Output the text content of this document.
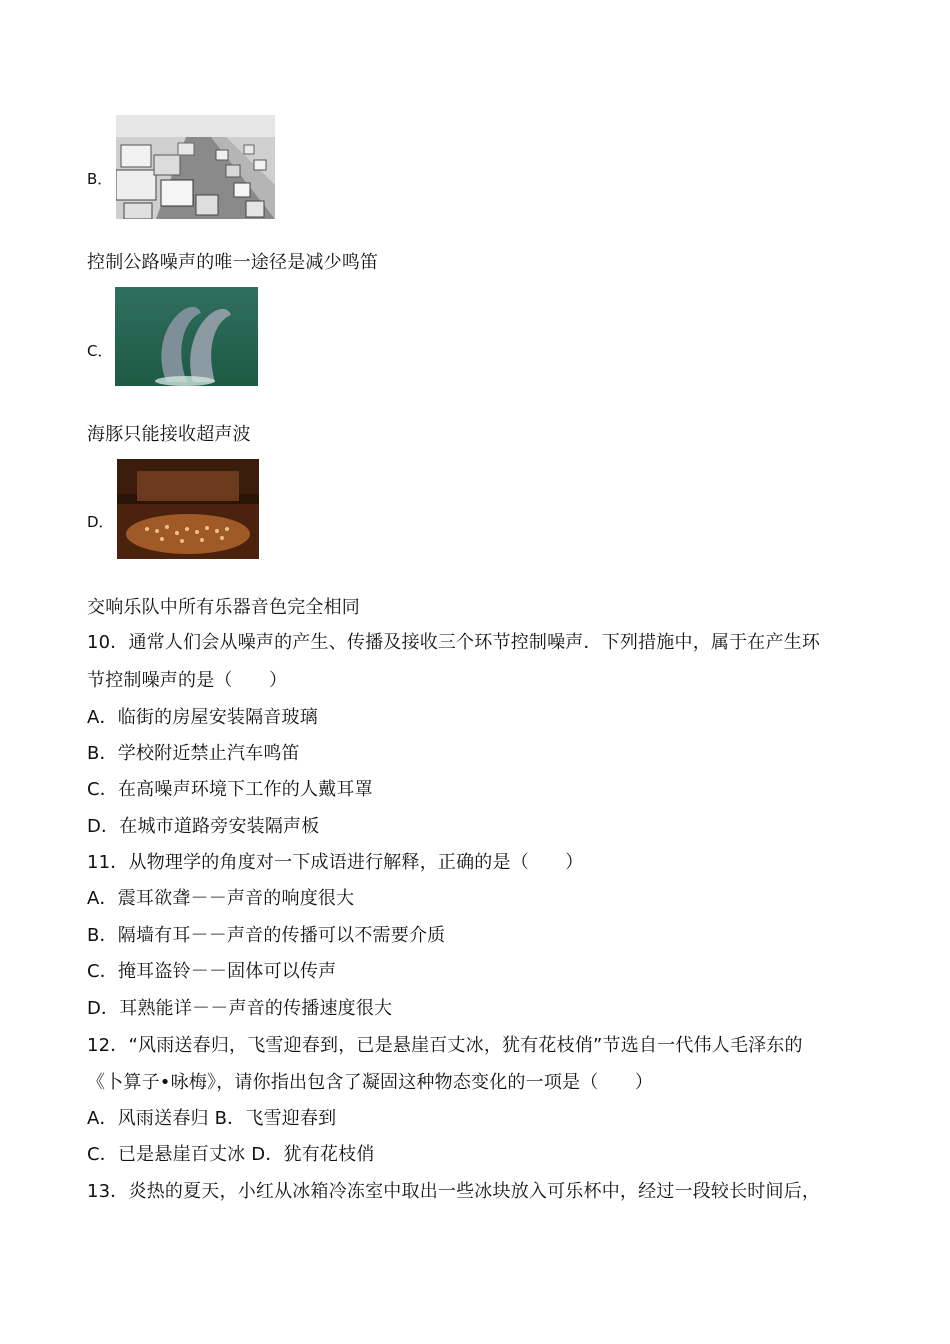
B．
控制公路噪声的唯一途径是减少鸣笛
C．
海豚只能接收超声波
D．
交响乐队中所有乐器音色完全相同
10．通常人们会从噪声的产生、传播及接收三个环节控制噪声．下列措施中，属于在产生环
节控制噪声的是（　　）
A．临街的房屋安装隔音玻璃
B．学校附近禁止汽车鸣笛
C．在高噪声环境下工作的人戴耳罩
D．在城市道路旁安装隔声板
11．从物理学的角度对一下成语进行解释，正确的是（　　）
A．震耳欲聋－－声音的响度很大
B．隔墙有耳－－声音的传播可以不需要介质
C．掩耳盗铃－－固体可以传声
D．耳熟能详－－声音的传播速度很大
12．“风雨送春归，飞雪迎春到，已是悬崖百丈冰，犹有花枝俏”节选自一代伟人毛泽东的
《卜算子•咏梅》，请你指出包含了凝固这种物态变化的一项是（　　）
A．风雨送春归 B．飞雪迎春到
C．已是悬崖百丈冰 D．犹有花枝俏
13．炎热的夏天，小红从冰箱冷冻室中取出一些冰块放入可乐杯中，经过一段较长时间后，
